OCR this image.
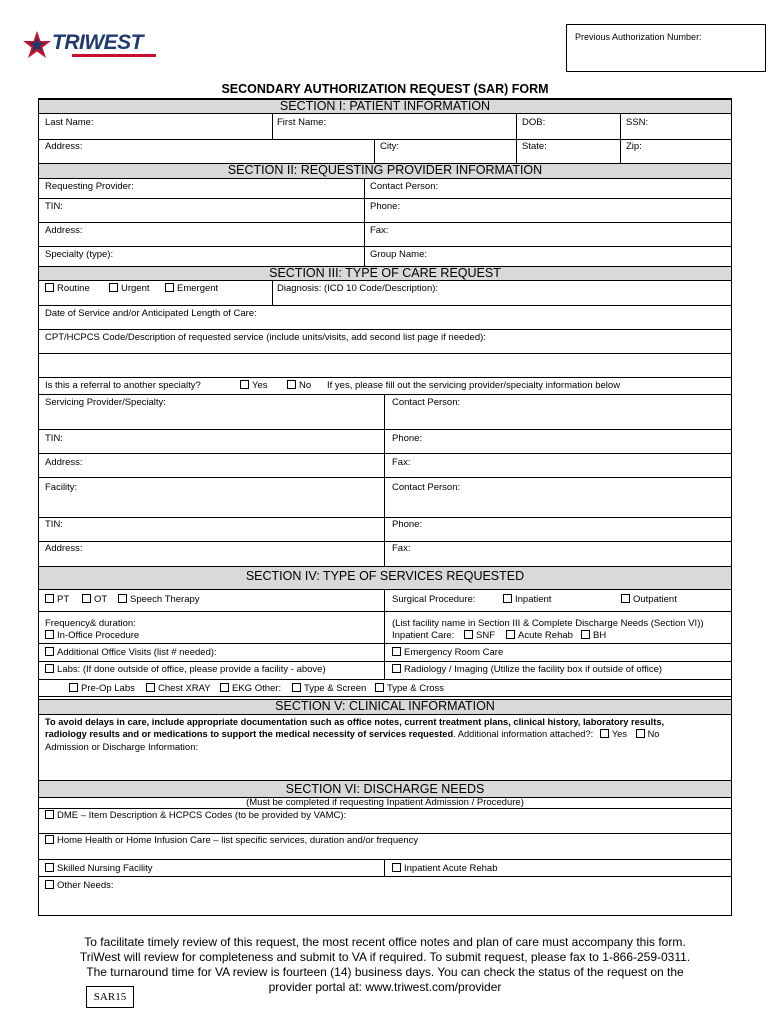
TRIWEST	Previous Authorization Number:
SECONDARY AUTHORIZATION REQUEST (SAR) FORM
SECTION I: PATIENT INFORMATION
Last Name:	First Name:	DOB:	SSN:
Address:	City:	State:	Zip:
SECTION II: REQUESTING PROVIDER INFORMATION
Requesting Provider:	Contact Person:
TIN:	Phone:
Address:	Fax:
Specialty (type):	Group Name:
SECTION III: TYPE OF CARE REQUEST
Routine	Urgent	Emergent	Diagnosis: (ICD 10 Code/Description):
Date of Service and/or Anticipated Length of Care:
CPT/HCPCS Code/Description of requested service (include units/visits, add second list page if needed):
Is this a referral to another specialty?	Yes	No If yes, please fill out the servicing provider/specialty information below
Servicing Provider/Specialty:	Contact Person:
TIN:	Phone:
Address:	Fax:
Facility:	Contact Person:
TIN:	Phone:
Address:	Fax:
SECTION IV: TYPE OF SERVICES REQUESTED
PT	OT	Speech Therapy	Surgical Procedure:	Inpatient	Outpatient
Frequency& duration:	(List facility name in Section III & Complete Discharge Needs (Section VI))
In-Office Procedure	Inpatient Care:	SNF	Acute Rehab	BH
Additional Office Visits (list # needed):	Emergency Room Care
Labs: (If done outside of office, please provide a facility - above)	Radiology / Imaging (Utilize the facility box if outside of office)
Pre-Op Labs	Chest XRAY	EKG Other:	Type & Screen	Type & Cross
SECTION V: CLINICAL INFORMATION
To avoid delays in care, include appropriate documentation such as office notes, current treatment plans, clinical history, laboratory results,
radiology results and or medications to support the medical necessity of services requested. Additional information attached?: Yes No
Admission or Discharge Information:
SECTION VI: DISCHARGE NEEDS
(Must be completed if requesting Inpatient Admission / Procedure)
DME – Item Description & HCPCS Codes (to be provided by VAMC):
Home Health or Home Infusion Care – list specific services, duration and/or frequency
Skilled Nursing Facility	Inpatient Acute Rehab
Other Needs:
To facilitate timely review of this request, the most recent office notes and plan of care must accompany this form.
TriWest will review for completeness and submit to VA if required. To submit request, please fax to 1-866-259-0311.
The turnaround time for VA review is fourteen (14) business days. You can check the status of the request on the
provider portal at: www.triwest.com/provider
SAR15
